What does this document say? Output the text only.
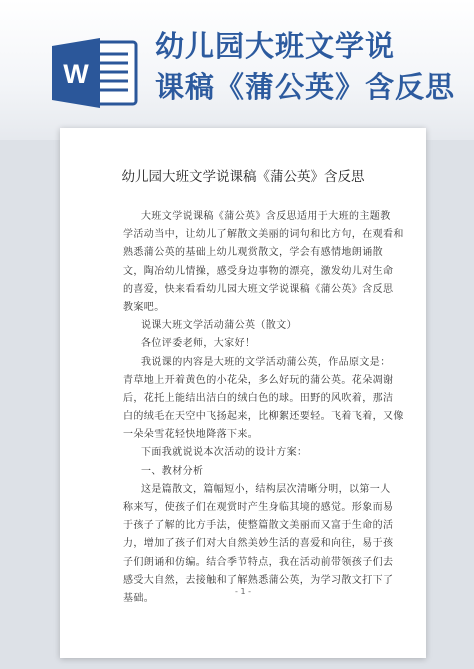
W
幼儿园大班文学说
课稿《蒲公英》含反思
幼儿园大班文学说课稿《蒲公英》含反思
大班文学说课稿《蒲公英》含反思适用于大班的主题教
学活动当中，让幼儿了解散文美丽的词句和比方句，在观看和
熟悉蒲公英的基础上幼儿观赏散文，学会有感情地朗诵散
文，陶冶幼儿情操，感受身边事物的漂亮，激发幼儿对生命
的喜爱，快来看看幼儿园大班文学说课稿《蒲公英》含反思
教案吧。
说课大班文学活动蒲公英（散文）
各位评委老师，大家好！
我说课的内容是大班的文学活动蒲公英，作品原文是：
青草地上开着黄色的小花朵，多么好玩的蒲公英。花朵凋谢
后，花托上能结出洁白的绒白色的球。田野的风吹着，那洁
白的绒毛在天空中飞扬起来，比柳絮还要轻。飞着飞着，又像
一朵朵雪花轻快地降落下来。
下面我就说说本次活动的设计方案：
一、教材分析
这是篇散文，篇幅短小，结构层次清晰分明，以第一人
称来写，使孩子们在观赏时产生身临其境的感觉。形象而易
于孩子了解的比方手法，使整篇散文美丽而又富于生命的活
力，增加了孩子们对大自然美妙生活的喜爱和向往，易于孩
子们朗诵和仿编。结合季节特点，我在活动前带领孩子们去
感受大自然，去接触和了解熟悉蒲公英，为学习散文打下了
基础。
- 1 -
